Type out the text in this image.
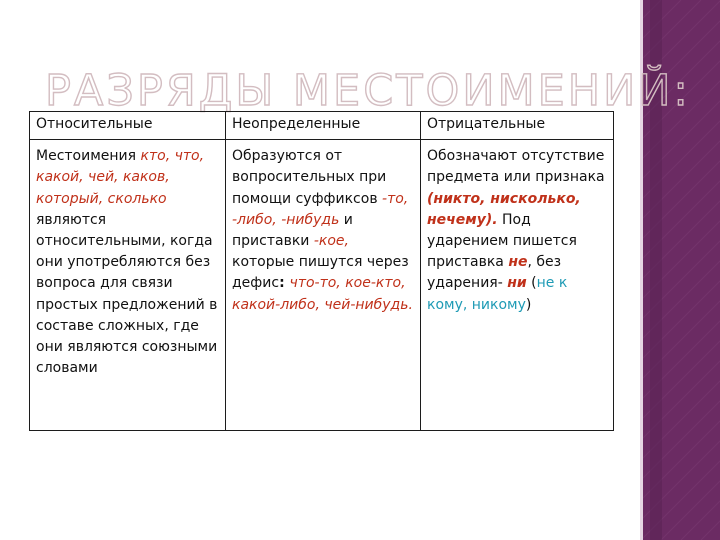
РАЗРЯДЫ МЕСТОИМЕНИЙ:
Относительные	Неопределенные	Отрицательные
Местоимения кто, что, какой, чей, каков, который, сколько являются относительными, когда они употребляются без вопроса для связи простых предложений в составе сложных, где они являются союзными словами	Образуются от вопросительных при помощи суффиксов -то, -либо, -нибудь и приставки -кое, которые пишутся через дефис: что-то, кое-кто, какой-либо, чей-нибудь.	Обозначают отсутствие предмета или признака (никто, нисколько, нечему). Под ударением пишется приставка не, без ударения- ни (не к кому, никому)
